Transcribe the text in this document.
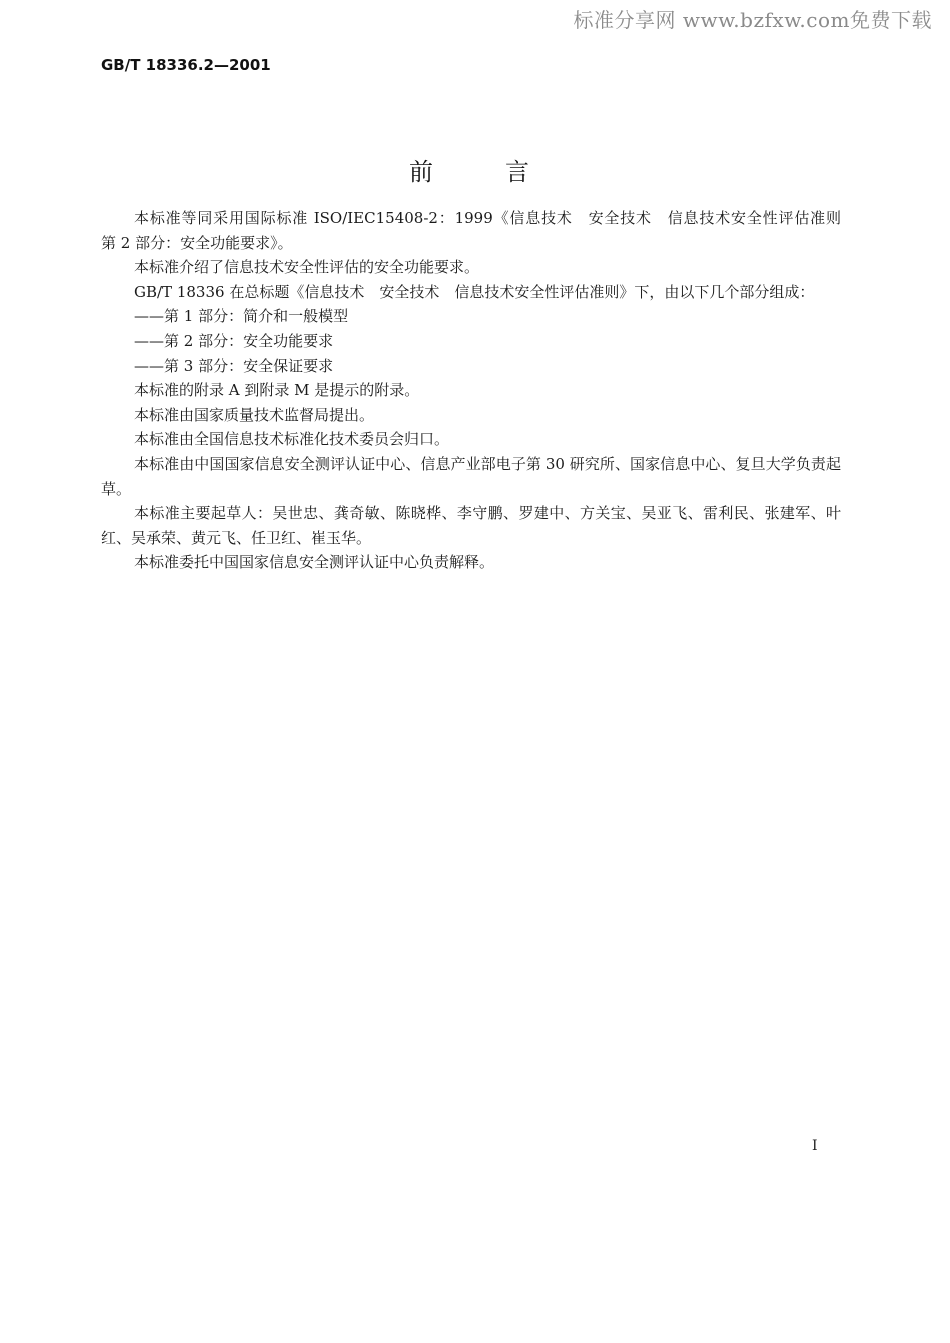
标准分享网 www.bzfxw.com免费下载
GB/T 18336.2—2001
前言

本标准等同采用国际标准 ISO/IEC15408-2：1999《信息技术　安全技术　信息技术安全性评估准则　第 2 部分：安全功能要求》。

本标准介绍了信息技术安全性评估的安全功能要求。

GB/T 18336 在总标题《信息技术　安全技术　信息技术安全性评估准则》下，由以下几个部分组成：

——第 1 部分：简介和一般模型

——第 2 部分：安全功能要求

——第 3 部分：安全保证要求

本标准的附录 A 到附录 M 是提示的附录。

本标准由国家质量技术监督局提出。

本标准由全国信息技术标准化技术委员会归口。

本标准由中国国家信息安全测评认证中心、信息产业部电子第 30 研究所、国家信息中心、复旦大学负责起草。

本标准主要起草人：吴世忠、龚奇敏、陈晓桦、李守鹏、罗建中、方关宝、吴亚飞、雷利民、张建军、叶红、吴承荣、黄元飞、任卫红、崔玉华。

本标准委托中国国家信息安全测评认证中心负责解释。

I
